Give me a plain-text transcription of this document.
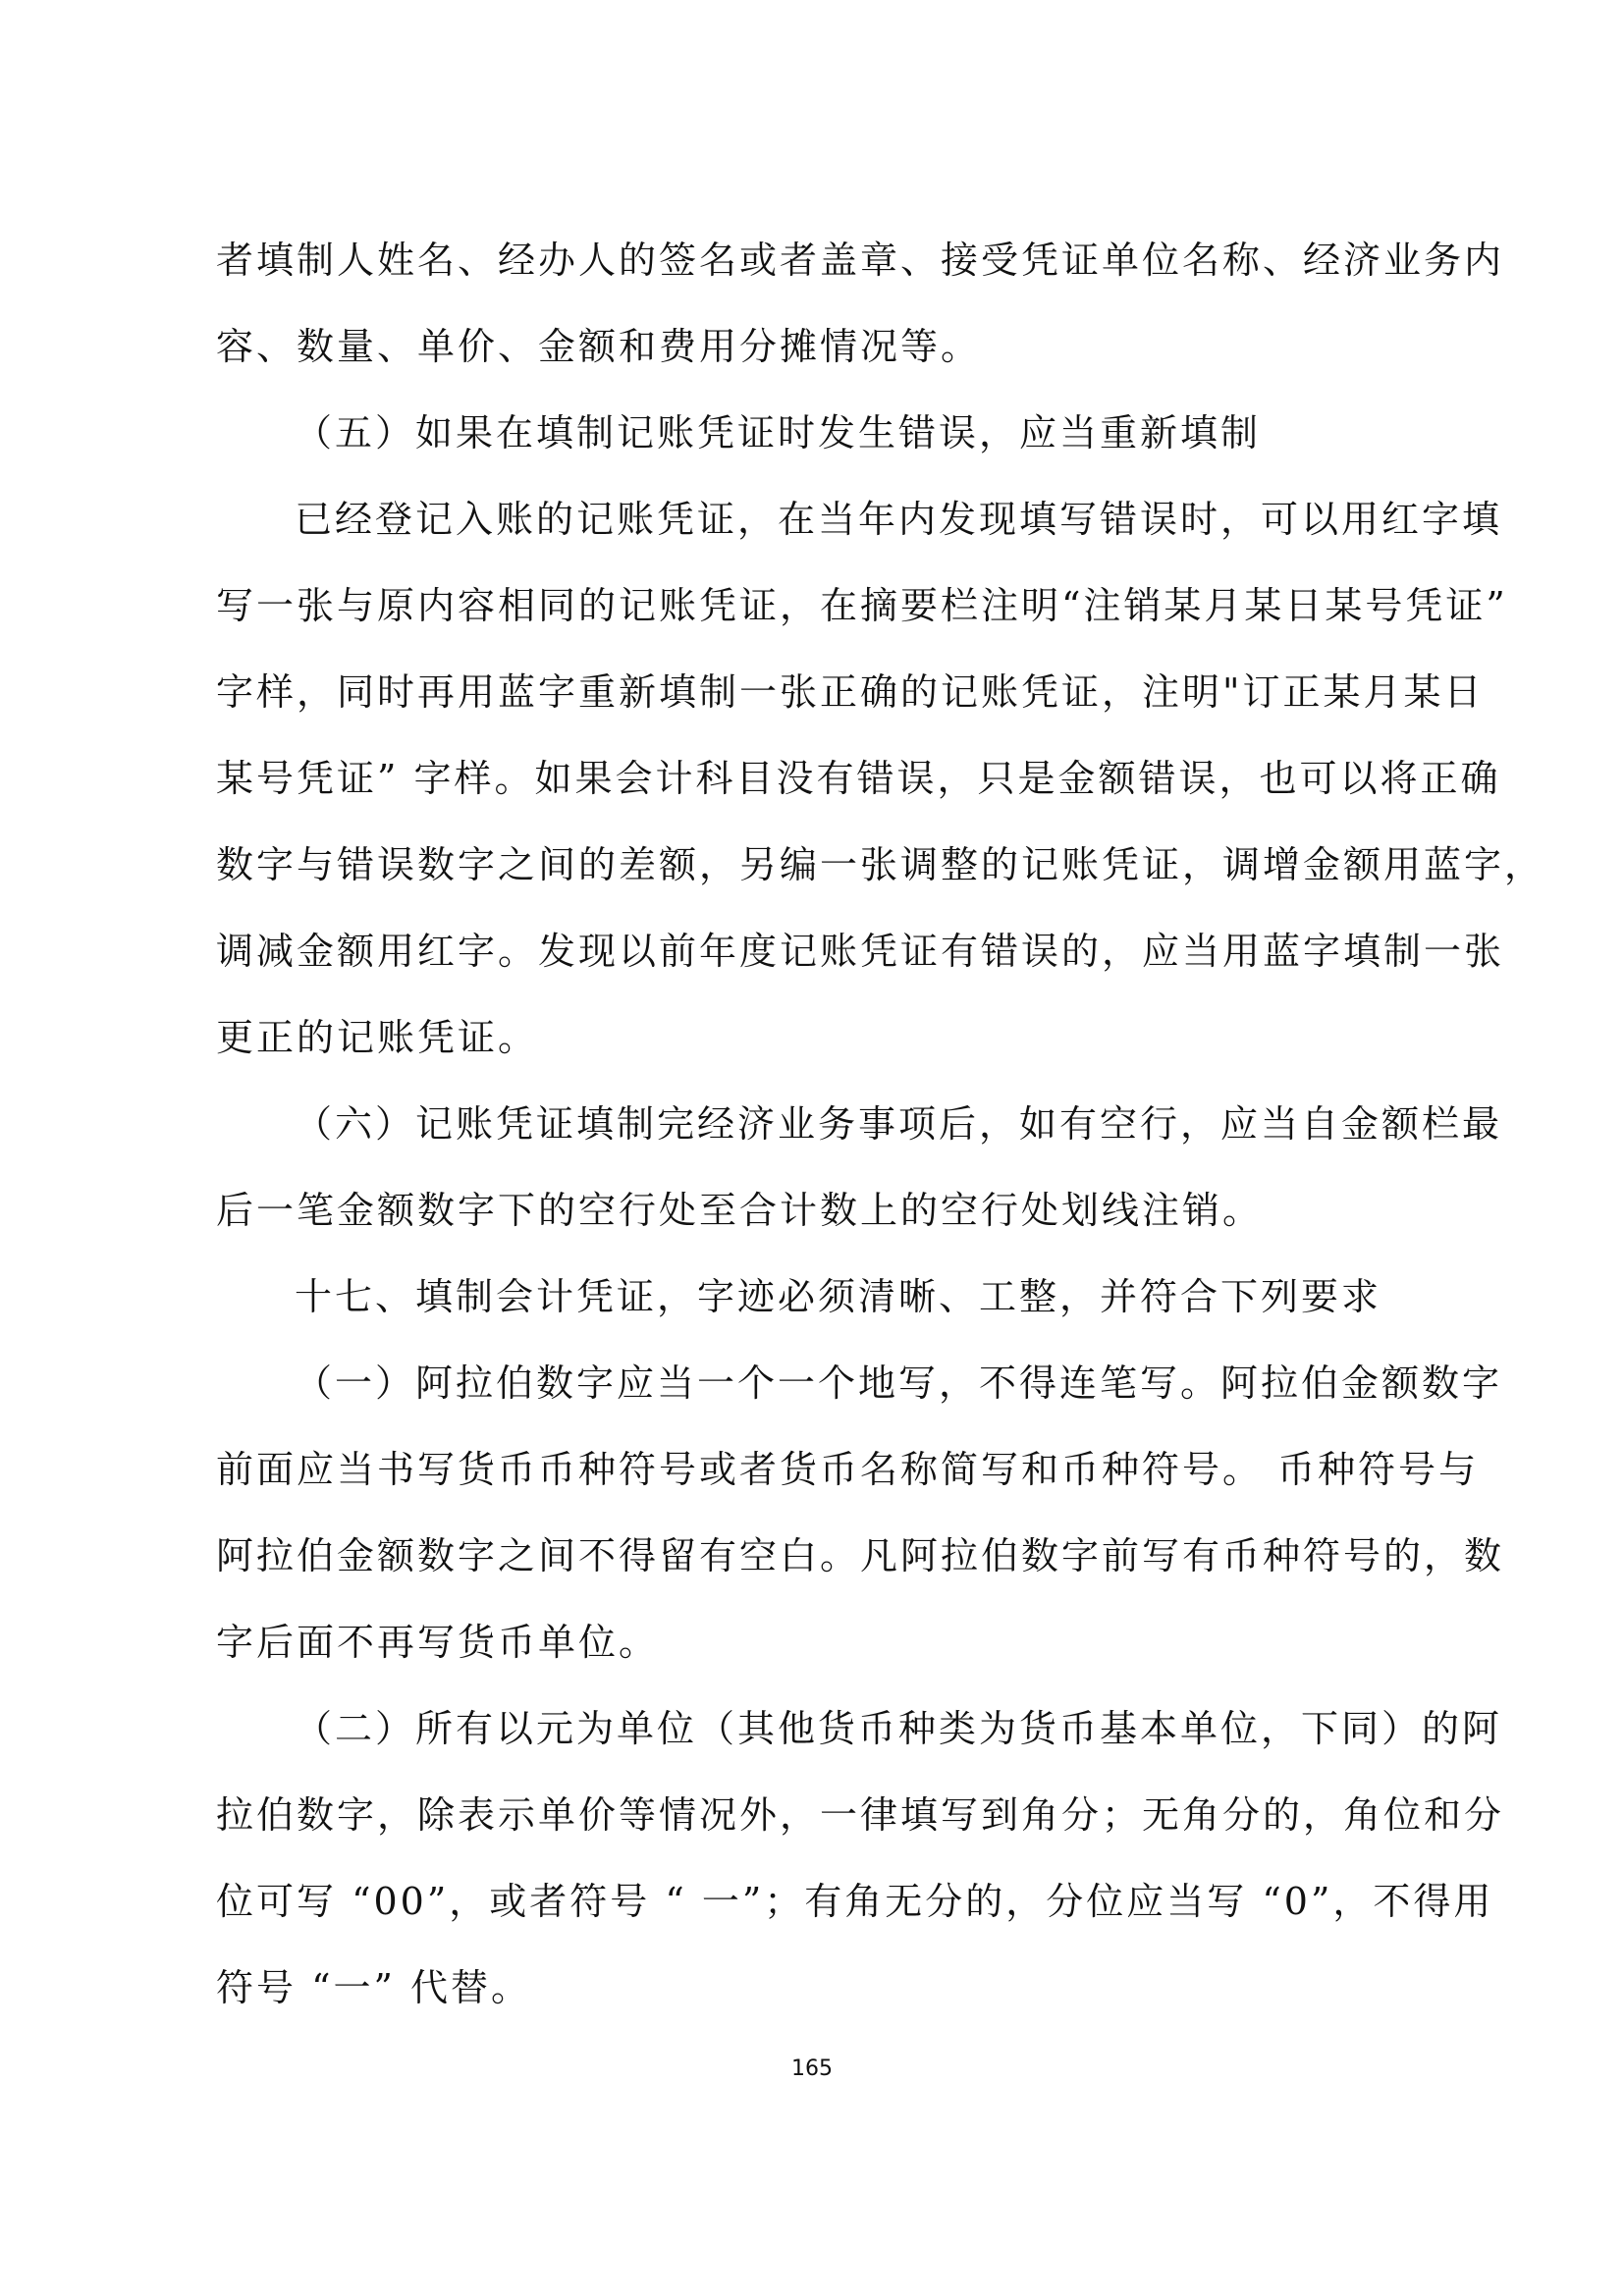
者填制人姓名、经办人的签名或者盖章、接受凭证单位名称、经济业务内
容、数量、单价、金额和费用分摊情况等。
（五）如果在填制记账凭证时发生错误，应当重新填制
已经登记入账的记账凭证，在当年内发现填写错误时，可以用红字填
写一张与原内容相同的记账凭证，在摘要栏注明“注销某月某日某号凭证”
字样，同时再用蓝字重新填制一张正确的记账凭证，注明"订正某月某日
某号凭证” 字样。如果会计科目没有错误，只是金额错误，也可以将正确
数字与错误数字之间的差额，另编一张调整的记账凭证，调增金额用蓝字，
调减金额用红字。发现以前年度记账凭证有错误的，应当用蓝字填制一张
更正的记账凭证。
（六）记账凭证填制完经济业务事项后，如有空行，应当自金额栏最
后一笔金额数字下的空行处至合计数上的空行处划线注销。
十七、填制会计凭证，字迹必须清晰、工整，并符合下列要求
（一）阿拉伯数字应当一个一个地写，不得连笔写。阿拉伯金额数字
前面应当书写货币币种符号或者货币名称简写和币种符号。 币种符号与
阿拉伯金额数字之间不得留有空白。凡阿拉伯数字前写有币种符号的，数
字后面不再写货币单位。
（二）所有以元为单位（其他货币种类为货币基本单位，下同）的阿
拉伯数字，除表示单价等情况外，一律填写到角分；无角分的，角位和分
位可写 “00”，或者符号 “ 一”；有角无分的，分位应当写 “0”，不得用
符号 “一” 代替。
165
